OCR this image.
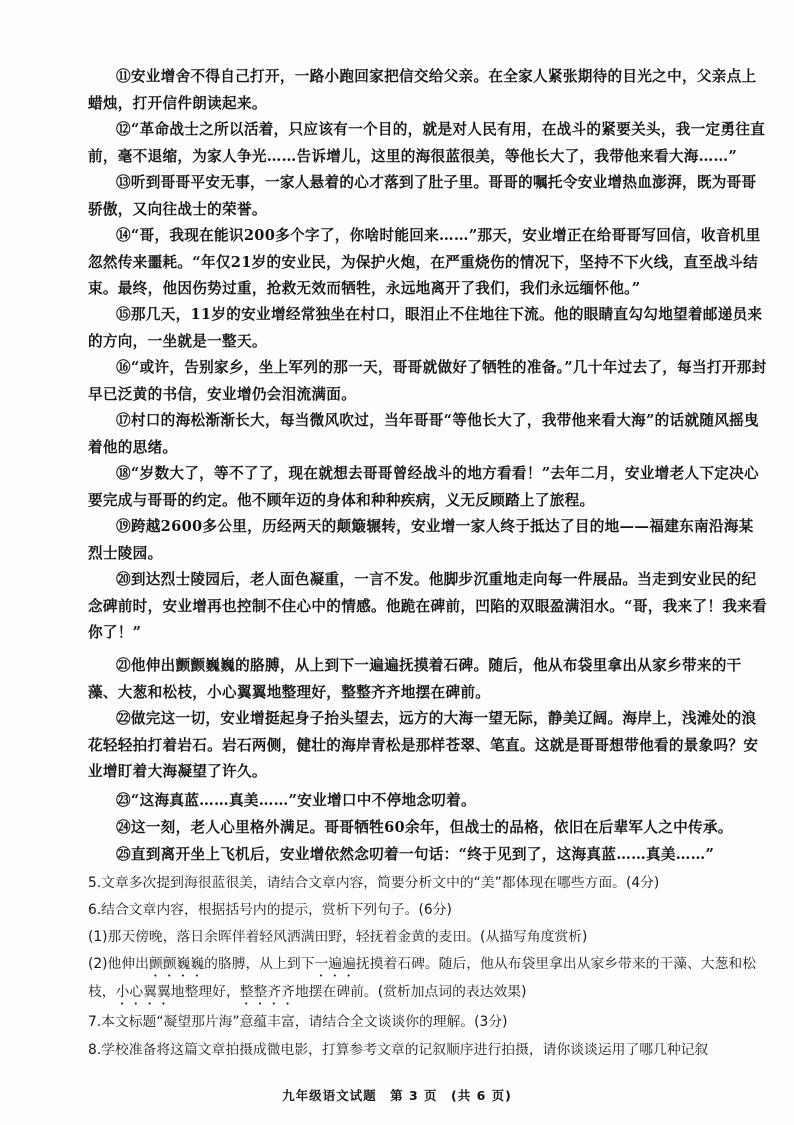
⑪安业增舍不得自己打开，一路小跑回家把信交给父亲。在全家人紧张期待的目光之中，父亲点上蜡烛，打开信件朗读起来。

⑫“革命战士之所以活着，只应该有一个目的，就是对人民有用，在战斗的紧要关头，我一定勇往直前，毫不退缩，为家人争光……告诉增儿，这里的海很蓝很美，等他长大了，我带他来看大海……”

⑬听到哥哥平安无事，一家人悬着的心才落到了肚子里。哥哥的嘱托令安业增热血澎湃，既为哥哥骄傲，又向往战士的荣誉。

⑭“哥，我现在能识200多个字了，你啥时能回来……”那天，安业增正在给哥哥写回信，收音机里忽然传来噩耗。“年仅21岁的安业民，为保护火炮，在严重烧伤的情况下，坚持不下火线，直至战斗结束。最终，他因伤势过重，抢救无效而牺牲，永远地离开了我们，我们永远缅怀他。”

⑮那几天，11岁的安业增经常独坐在村口，眼泪止不住地往下流。他的眼睛直勾勾地望着邮递员来的方向，一坐就是一整天。

⑯“或许，告别家乡，坐上军列的那一天，哥哥就做好了牺牲的准备。”几十年过去了，每当打开那封早已泛黄的书信，安业增仍会泪流满面。

⑰村口的海松渐渐长大，每当微风吹过，当年哥哥“等他长大了，我带他来看大海”的话就随风摇曳着他的思绪。

⑱“岁数大了，等不了了，现在就想去哥哥曾经战斗的地方看看！”去年二月，安业增老人下定决心要完成与哥哥的约定。他不顾年迈的身体和种种疾病，义无反顾踏上了旅程。

⑲跨越2600多公里，历经两天的颠簸辗转，安业增一家人终于抵达了目的地——福建东南沿海某烈士陵园。

⑳到达烈士陵园后，老人面色凝重，一言不发。他脚步沉重地走向每一件展品。当走到安业民的纪念碑前时，安业增再也控制不住心中的情感。他跪在碑前，凹陷的双眼盈满泪水。“哥，我来了！我来看你了！”

㉑他伸出颤颤巍巍的胳膊，从上到下一遍遍抚摸着石碑。随后，他从布袋里拿出从家乡带来的干藻、大葱和松枝，小心翼翼地整理好，整整齐齐地摆在碑前。

㉒做完这一切，安业增挺起身子抬头望去，远方的大海一望无际，静美辽阔。海岸上，浅滩处的浪花轻轻拍打着岩石。岩石两侧，健壮的海岸青松是那样苍翠、笔直。这就是哥哥想带他看的景象吗？安业增盯着大海凝望了许久。

㉓“这海真蓝……真美……”安业增口中不停地念叨着。

㉔这一刻，老人心里格外满足。哥哥牺牲60余年，但战士的品格，依旧在后辈军人之中传承。

㉕直到离开坐上飞机后，安业增依然念叨着一句话：“终于见到了，这海真蓝……真美……”

5.文章多次提到海很蓝很美，请结合文章内容，简要分析文中的“美”都体现在哪些方面。(4分)

6.结合文章内容，根据括号内的提示，赏析下列句子。(6分)

(1)那天傍晚，落日余晖伴着轻风洒满田野，轻抚着金黄的麦田。(从描写角度赏析)

(2)他伸出颤颤巍巍的胳膊，从上到下一遍遍抚摸着石碑。随后，他从布袋里拿出从家乡带来的干藻、大葱和松枝，小心翼翼地整理好，整整齐齐地摆在碑前。(赏析加点词的表达效果)

7.本文标题“凝望那片海”意蕴丰富，请结合全文谈谈你的理解。(3分)

8.学校准备将这篇文章拍摄成微电影，打算参考文章的记叙顺序进行拍摄，请你谈谈运用了哪几种记叙

九年级语文试题　第 3 页　(共 6 页)
